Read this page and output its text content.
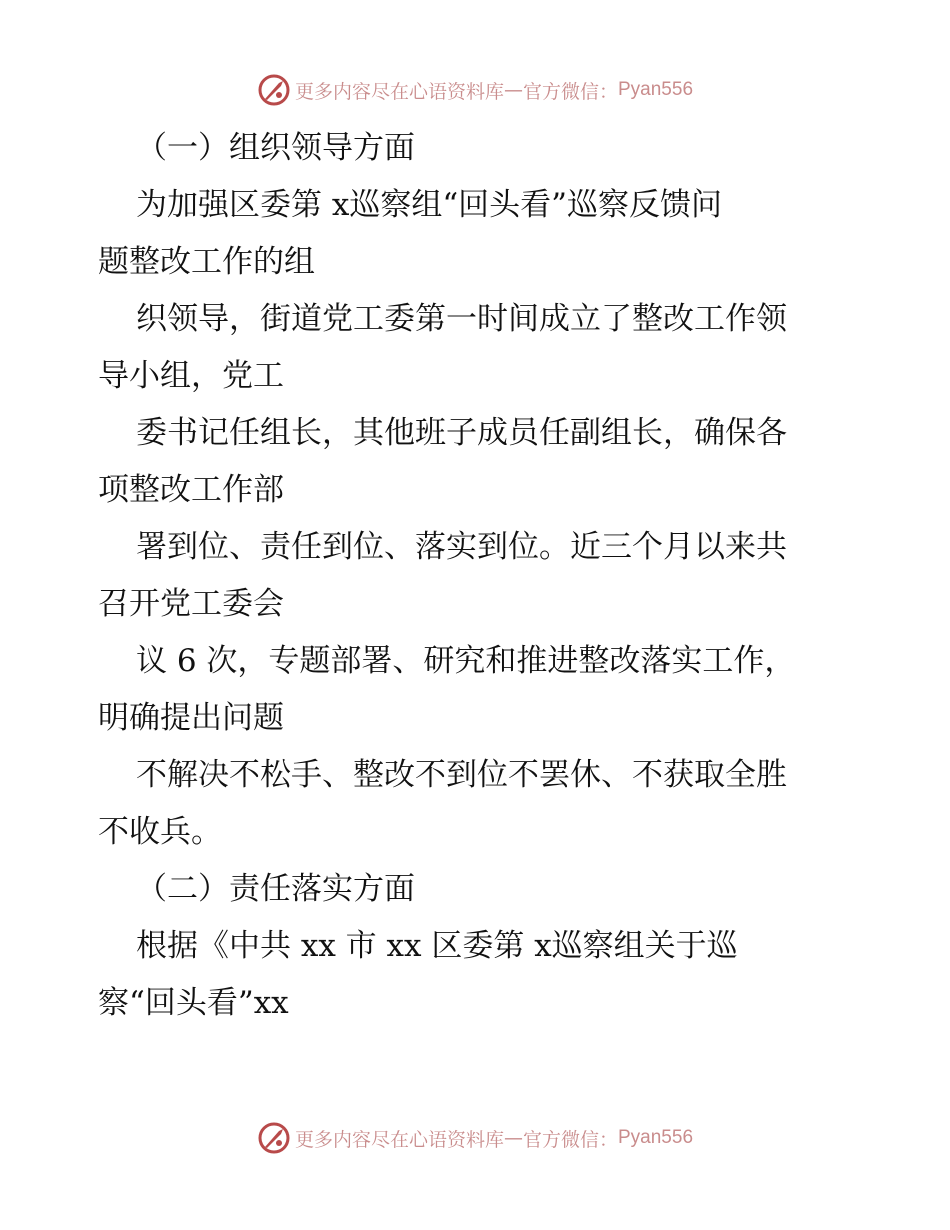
更多内容尽在心语资料库 — 官方微信： Pyan556
（一）组织领导方面
为加强区委第 x巡察组“回头看”巡察反馈问
题整改工作的组
织领导，街道党工委第一时间成立了整改工作领
导小组，党工
委书记任组长，其他班子成员任副组长，确保各
项整改工作部
署到位、责任到位、落实到位。近三个月以来共
召开党工委会
议 6 次，专题部署、研究和推进整改落实工作，
明确提出问题
不解决不松手、整改不到位不罢休、不获取全胜
不收兵。
（二）责任落实方面
根据《中共 xx 市 xx 区委第 x巡察组关于巡
察“回头看”xx
更多内容尽在心语资料库 — 官方微信： Pyan556
